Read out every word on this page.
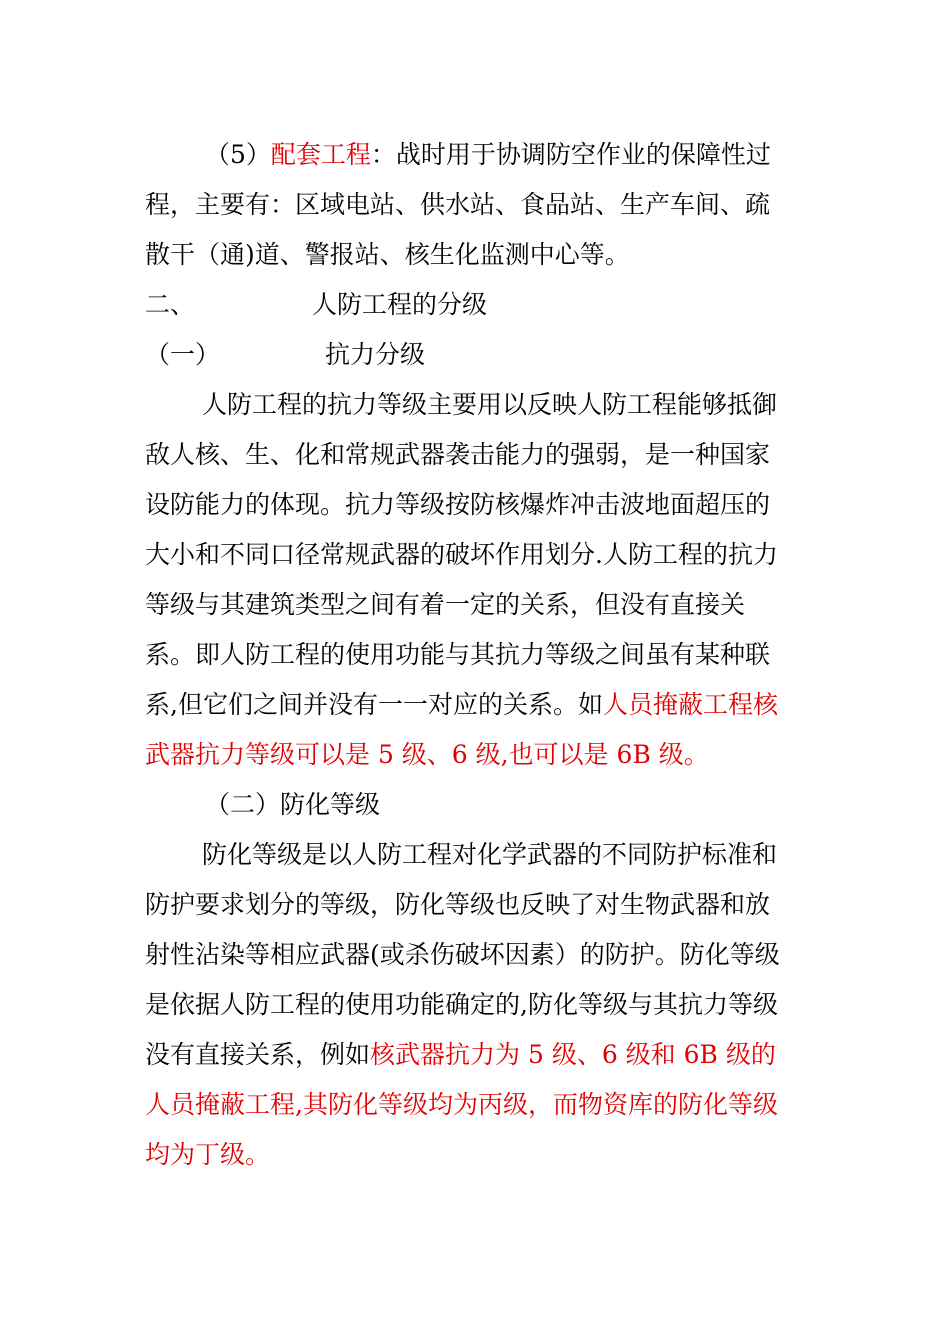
（5）配套工程：战时用于协调防空作业的保障性过
程，主要有：区域电站、供水站、食品站、生产车间、疏
散干（通)道、警报站、核生化监测中心等。
二、	人防工程的分级
（一）	抗力分级
人防工程的抗力等级主要用以反映人防工程能够抵御
敌人核、生、化和常规武器袭击能力的强弱，是一种国家
设防能力的体现。抗力等级按防核爆炸冲击波地面超压的
大小和不同口径常规武器的破坏作用划分.人防工程的抗力
等级与其建筑类型之间有着一定的关系，但没有直接关
系。即人防工程的使用功能与其抗力等级之间虽有某种联
系,但它们之间并没有一一对应的关系。如人员掩蔽工程核
武器抗力等级可以是 5 级、6 级,也可以是 6B 级。
（二）防化等级
防化等级是以人防工程对化学武器的不同防护标准和
防护要求划分的等级，防化等级也反映了对生物武器和放
射性沾染等相应武器(或杀伤破坏因素）的防护。防化等级
是依据人防工程的使用功能确定的,防化等级与其抗力等级
没有直接关系，例如核武器抗力为 5 级、6 级和 6B 级的
人员掩蔽工程,其防化等级均为丙级，而物资库的防化等级
均为丁级。
